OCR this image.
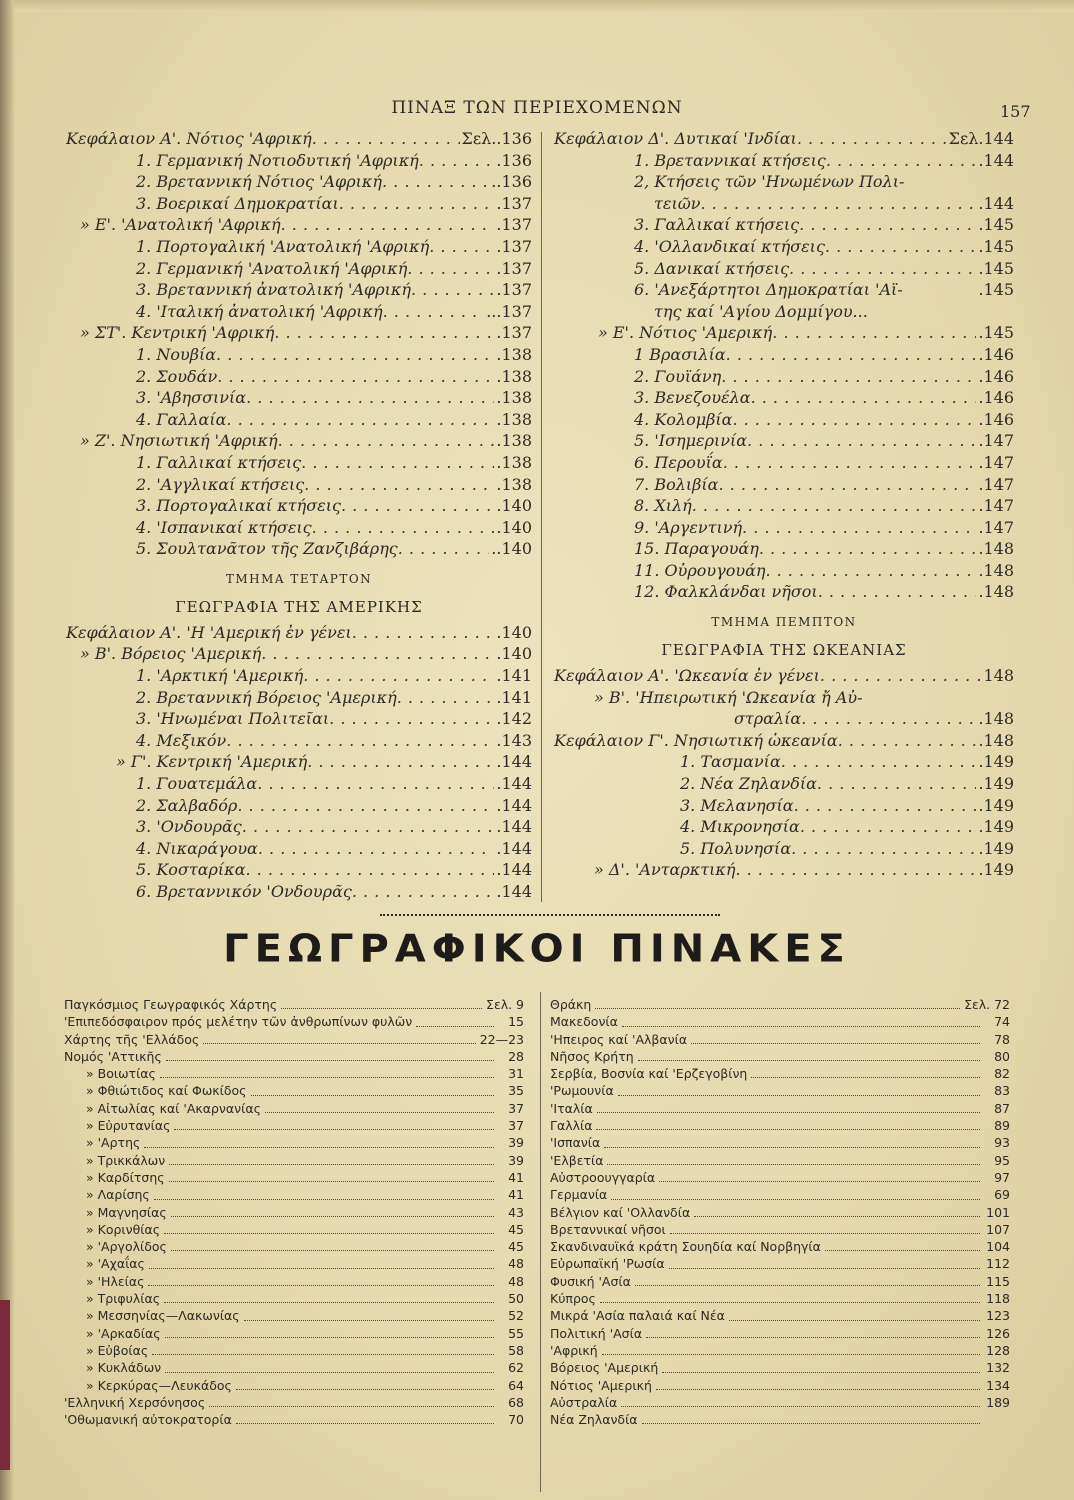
ΠΙΝΑΞ ΤΩΝ ΠΕΡΙΕΧΟΜΕΝΩΝ	157
Κεφάλαιον Α'. Νότιος 'Αφρική . . .	Σελ..136
1. Γερμανική Νοτιοδυτική 'Αφρική . . .	.136
2. Βρεταννική Νότιος 'Αφρική . . .	..136
3. Βοερικαί Δημοκρατίαι . . .	.137
» Ε'. 'Ανατολική 'Αφρική . . .	.137
1. Πορτογαλική 'Ανατολική 'Αφρική . . .	.137
2. Γερμανική 'Ανατολική 'Αφρική . . .	.137
3. Βρεταννική ἀνατολική 'Αφρική . . .	.137
4. 'Ιταλική ἀνατολική 'Αφρική . . .	...137
» ΣΤ'. Κεντρική 'Αφρική . . .	.137
1. Νουβία . . .	.138
2. Σουδάν . . .	.138
3. 'Αβησσινία . . .	.138
4. Γαλλαία . . .	.138
» Ζ'. Νησιωτική 'Αφρική . . .	.138
1. Γαλλικαί κτήσεις . . .	.138
2. 'Αγγλικαί κτήσεις . . .	.138
3. Πορτογαλικαί κτήσεις . . .	.140
4. 'Ισπανικαί κτήσεις . . .	.140
5. Σουλτανᾶτον τῆς Ζανζιβάρης . . .	..140
ΤΜΗΜΑ ΤΕΤΑΡΤΟΝ
ΓΕΩΓΡΑΦΙΑ ΤΗΣ ΑΜΕΡΙΚΗΣ
Κεφάλαιον Α'. 'Η 'Αμερική ἐν γένει . . .	.140
» Β'. Βόρειος 'Αμερική . . .	.140
1. 'Αρκτική 'Αμερική . . .	.141
2. Βρεταννική Βόρειος 'Αμερική . . .	.141
3. 'Ηνωμέναι Πολιτεῖαι . . .	.142
4. Μεξικόν . . .	.143
» Γ'. Κεντρική 'Αμερική . . .	.144
1. Γουατεμάλα . . .	.144
2. Σαλβαδόρ . . .	.144
3. 'Ονδουρᾶς . . .	.144
4. Νικαράγουα . . .	.144
5. Κοσταρίκα . . .	.144
6. Βρεταννικόν 'Ονδουρᾶς . . .	.144
Κεφάλαιον Δ'. Δυτικαί 'Ινδίαι . . .	Σελ.144
1. Βρεταννικαί κτήσεις . . .	.144
2, Κτήσεις τῶν 'Ηνωμένων Πολι-
τειῶν . . .	.144
3. Γαλλικαί κτήσεις . . .	.145
4. 'Ολλανδικαί κτήσεις . . .	.145
5. Δανικαί κτήσεις . . .	.145
6. 'Ανεξάρτητοι Δημοκρατίαι 'Αϊ-	.145
της καί 'Αγίου Δομμίγου...
» Ε'. Νότιος 'Αμερική . . .	.145
1 Βρασιλία . . .	.146
2. Γουϊάνη . . .	.146
3. Βενεζουέλα . . .	.146
4. Κολομβία . . .	.146
5. 'Ισημερινία . . .	.147
6. Περουΐα . . .	.147
7. Βολιβία . . .	.147
8. Χιλή . . .	.147
9. 'Αργεντινή . . .	.147
15. Παραγουάη . . .	.148
11. Οὐρουγουάη . . .	.148
12. Φαλκλάνδαι νῆσοι . . .	.148
ΤΜΗΜΑ ΠΕΜΠΤΟΝ
ΓΕΩΓΡΑΦΙΑ ΤΗΣ ΩΚΕΑΝΙΑΣ
Κεφάλαιον Α'. 'Ωκεανία ἐν γένει . . .	148
» Β'. 'Ηπειρωτική 'Ωκεανία ἤ Αὐ-
στραλία . . .	.148
Κεφάλαιον Γ'. Νησιωτική ὠκεανία . . .	.148
1. Τασμανία . . .	.149
2. Νέα Ζηλανδία . . .	.149
3. Μελανησία . . .	.149
4. Μικρονησία . . .	.149
5. Πολυνησία . . .	.149
» Δ'. 'Ανταρκτική . . .	.149
ΓΕΩΓΡΑΦΙΚΟΙ ΠΙΝΑΚΕΣ
Παγκόσμιος Γεωγραφικός Χάρτης	Σελ. 9
'Επιπεδόσφαιρον πρός μελέτην τῶν ἀνθρωπίνων φυλῶν	15
Χάρτης τῆς 'Ελλάδος	22—23
Νομός 'Αττικῆς	28
» Βοιωτίας	31
» Φθιώτιδος καί Φωκίδος	35
» Αἰτωλίας καί 'Ακαρνανίας	37
» Εὐρυτανίας	37
» 'Αρτης	39
» Τρικκάλων	39
» Καρδίτσης	41
» Λαρίσης	41
» Μαγνησίας	43
» Κορινθίας	45
» 'Αργολίδος	45
» 'Αχαΐας	48
» 'Ηλείας	48
» Τριφυλίας	50
» Μεσσηνίας—Λακωνίας	52
» 'Αρκαδίας	55
» Εὐβοίας	58
» Κυκλάδων	62
» Κερκύρας—Λευκάδος	64
'Ελληνική Χερσόνησος	68
'Οθωμανική αὐτοκρατορία	70
Θράκη	Σελ. 72
Μακεδονία	74
'Ηπειρος καί 'Αλβανία	78
Νῆσος Κρήτη	80
Σερβία, Βοσνία καί 'Ερζεγοβίνη	82
'Ρωμουνία	83
'Ιταλία	87
Γαλλία	89
'Ισπανία	93
'Ελβετία	95
Αὐστροουγγαρία	97
Γερμανία	69
Βέλγιον καί 'Ολλανδία	101
Βρεταννικαί νῆσοι	107
Σκανδιναυϊκά κράτη Σουηδία καί Νορβηγία	104
Εὐρωπαϊκή 'Ρωσία	112
Φυσική 'Ασία	115
Κύπρος	118
Μικρά 'Ασία παλαιά καί Νέα	123
Πολιτική 'Ασία	126
'Αφρική	128
Βόρειος 'Αμερική	132
Νότιος 'Αμερική	134
Αὐστραλία	189
Νέα Ζηλανδία
